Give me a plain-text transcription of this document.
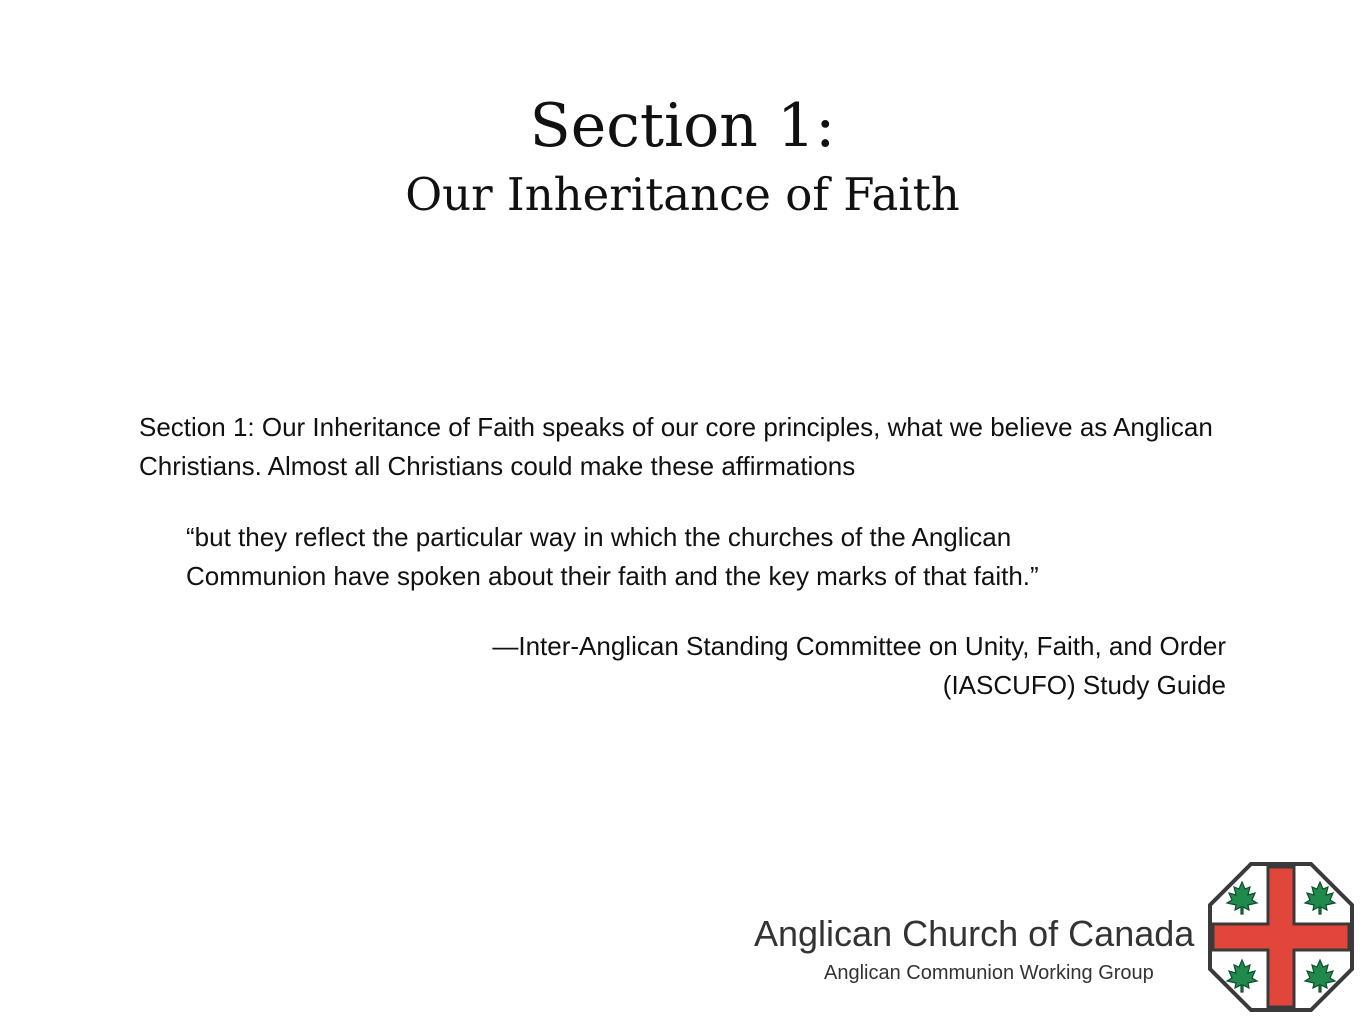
Section 1:
Our Inheritance of Faith

Section 1: Our Inheritance of Faith speaks of our core principles, what we believe as Anglican Christians. Almost all Christians could make these affirmations

“but they reflect the particular way in which the churches of the Anglican
Communion have spoken about their faith and the key marks of that faith.”
—Inter-Anglican Standing Committee on Unity, Faith, and Order
(IASCUFO) Study Guide
Anglican Church of Canada
Anglican Communion Working Group
